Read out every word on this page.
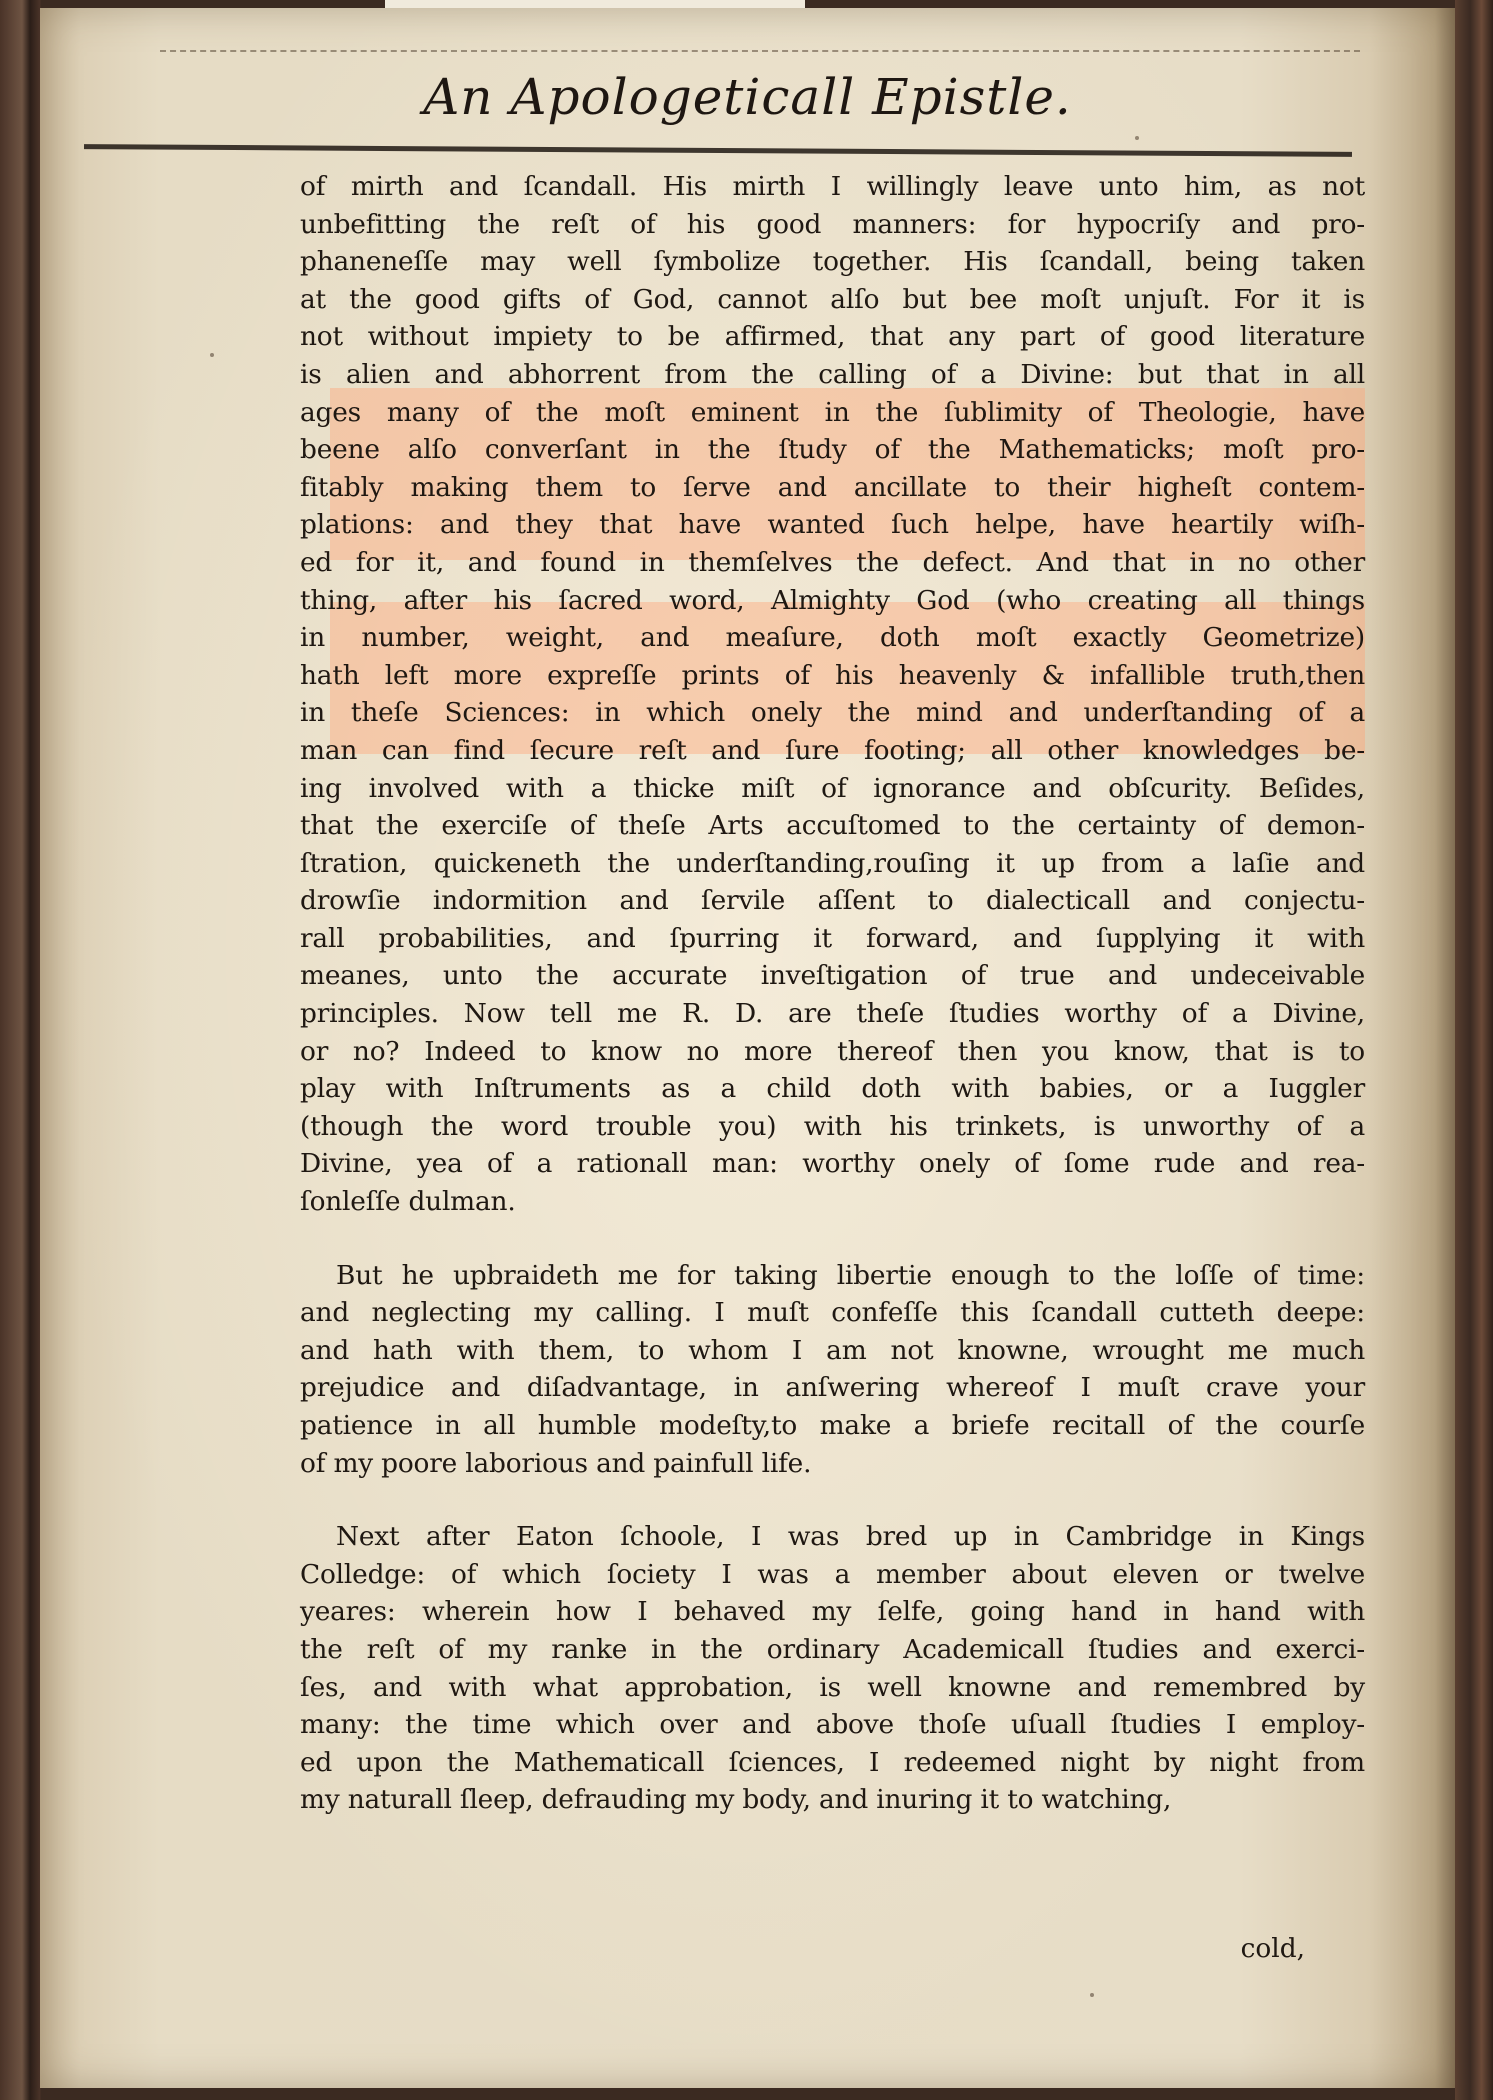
An Apologeticall Epistle.
of mirth and ſcandall. His mirth I willingly leave unto him, as not
unbefitting the reſt of his good manners: for hypocriſy and pro-
phaneneſſe may well ſymbolize together. His ſcandall, being taken
at the good gifts of God, cannot alſo but bee moſt unjuſt. For it is
not without impiety to be affirmed, that any part of good literature
is alien and abhorrent from the calling of a Divine: but that in all
ages many of the moſt eminent in the ſublimity of Theologie, have
beene alſo converſant in the ſtudy of the Mathematicks; moſt pro-
fitably making them to ſerve and ancillate to their higheſt contem-
plations: and they that have wanted ſuch helpe, have heartily wiſh-
ed for it, and found in themſelves the defect. And that in no other
thing, after his ſacred word, Almighty God (who creating all things
in number, weight, and meaſure, doth moſt exactly Geometrize)
hath left more expreſſe prints of his heavenly & infallible truth,then
in theſe Sciences: in which onely the mind and underſtanding of a
man can find ſecure reſt and ſure footing; all other knowledges be-
ing involved with a thicke miſt of ignorance and obſcurity. Beſides,
that the exerciſe of theſe Arts accuſtomed to the certainty of demon-
ſtration, quickeneth the underſtanding,rouſing it up from a laſie and
drowſie indormition and ſervile aſſent to dialecticall and conjectu-
rall probabilities, and ſpurring it forward, and ſupplying it with
meanes, unto the accurate inveſtigation of true and undeceivable
principles. Now tell me R. D. are theſe ſtudies worthy of a Divine,
or no? Indeed to know no more thereof then you know, that is to
play with Inſtruments as a child doth with babies, or a Iuggler
(though the word trouble you) with his trinkets, is unworthy of a
Divine, yea of a rationall man: worthy onely of ſome rude and rea-
ſonleſſe dulman.
But he upbraideth me for taking libertie enough to the loſſe of time:
and neglecting my calling. I muſt confeſſe this ſcandall cutteth deepe:
and hath with them, to whom I am not knowne, wrought me much
prejudice and diſadvantage, in anſwering whereof I muſt crave your
patience in all humble modeſty,to make a briefe recitall of the courſe
of my poore laborious and painfull life.
Next after Eaton ſchoole, I was bred up in Cambridge in Kings
Colledge: of which ſociety I was a member about eleven or twelve
yeares: wherein how I behaved my ſelfe, going hand in hand with
the reſt of my ranke in the ordinary Academicall ſtudies and exerci-
ſes, and with what approbation, is well knowne and remembred by
many: the time which over and above thoſe uſuall ſtudies I employ-
ed upon the Mathematicall ſciences, I redeemed night by night from
my naturall ſleep, defrauding my body, and inuring it to watching,
cold,
